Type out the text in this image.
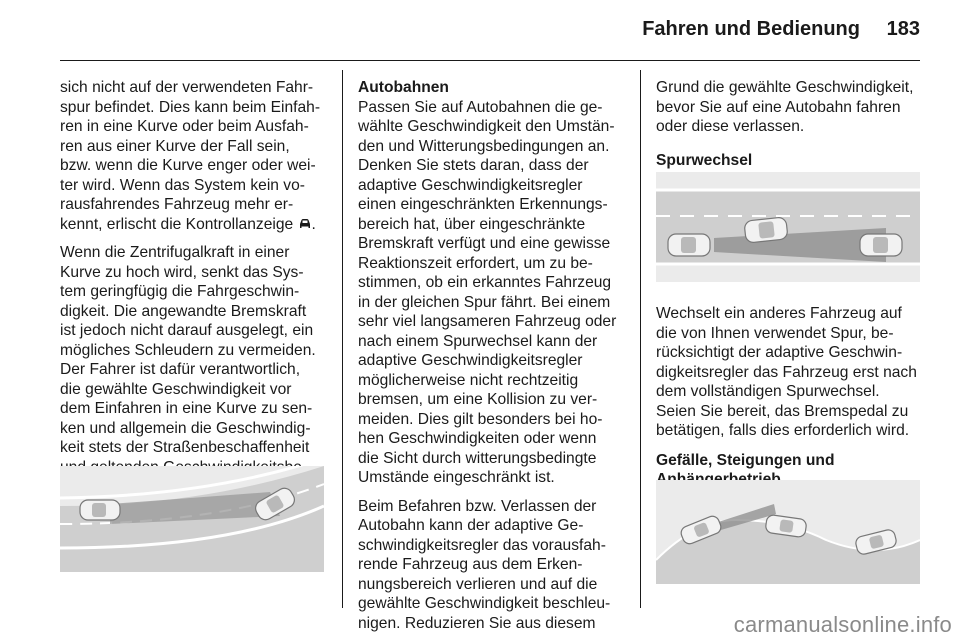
Fahren und Bedienung 183

sich nicht auf der verwendeten Fahr-
spur befindet. Dies kann beim Einfah-
ren in eine Kurve oder beim Ausfah-
ren aus einer Kurve der Fall sein,
bzw. wenn die Kurve enger oder wei-
ter wird. Wenn das System kein vo-
rausfahrendes Fahrzeug mehr er-
kennt, erlischt die Kontrollanzeige .

Wenn die Zentrifugalkraft in einer
Kurve zu hoch wird, senkt das Sys-
tem geringfügig die Fahrgeschwin-
digkeit. Die angewandte Bremskraft
ist jedoch nicht darauf ausgelegt, ein
mögliches Schleudern zu vermeiden.
Der Fahrer ist dafür verantwortlich,
die gewählte Geschwindigkeit vor
dem Einfahren in eine Kurve zu sen-
ken und allgemein die Geschwindig-
keit stets der Straßenbeschaffenheit

Autobahnen

Passen Sie auf Autobahnen die ge-
wählte Geschwindigkeit den Umstän-
den und Witterungsbedingungen an.
Denken Sie stets daran, dass der
adaptive Geschwindigkeitsregler
einen eingeschränkten Erkennungs-
bereich hat, über eingeschränkte
Bremskraft verfügt und eine gewisse
Reaktionszeit erfordert, um zu be-
stimmen, ob ein erkanntes Fahrzeug
in der gleichen Spur fährt. Bei einem
sehr viel langsameren Fahrzeug oder
nach einem Spurwechsel kann der
adaptive Geschwindigkeitsregler
möglicherweise nicht rechtzeitig
bremsen, um eine Kollision zu ver-
meiden. Dies gilt besonders bei ho-
hen Geschwindigkeiten oder wenn
die Sicht durch witterungsbedingte
Umstände eingeschränkt ist.

Beim Befahren bzw. Verlassen der
Autobahn kann der adaptive Ge-
schwindigkeitsregler das vorausfah-
rende Fahrzeug aus dem Erken-
nungsbereich verlieren und auf die
gewählte Geschwindigkeit beschleu-
nigen. Reduzieren Sie aus diesem

Grund die gewählte Geschwindigkeit,
bevor Sie auf eine Autobahn fahren
oder diese verlassen.

Spurwechsel

Wechselt ein anderes Fahrzeug auf
die von Ihnen verwendet Spur, be-
rücksichtigt der adaptive Geschwin-
digkeitsregler das Fahrzeug erst nach
dem vollständigen Spurwechsel.
Seien Sie bereit, das Bremspedal zu
betätigen, falls dies erforderlich wird.

Gefälle, Steigungen und

carmanualsonline.info
